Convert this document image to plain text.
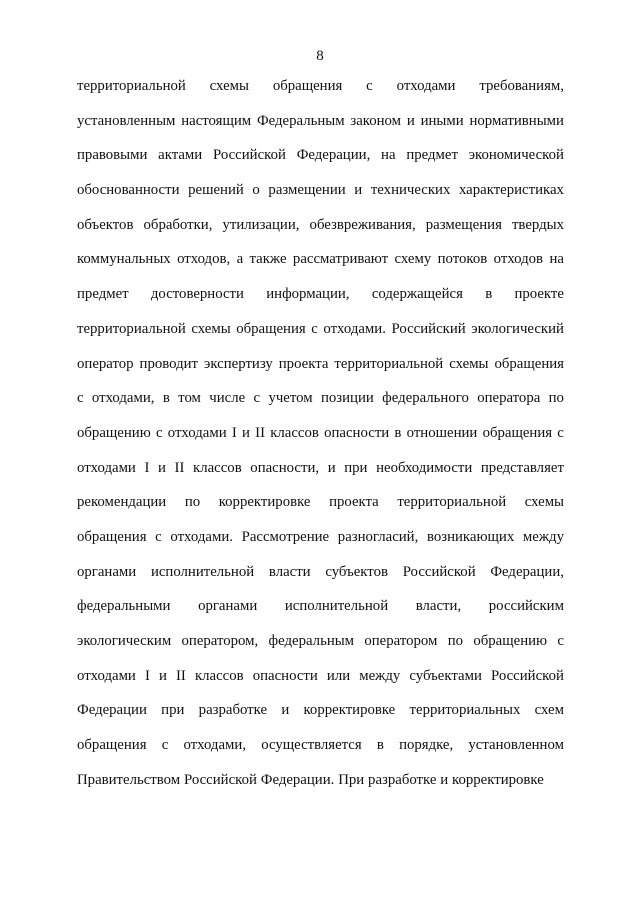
8
территориальной схемы обращения с отходами требованиям,
установленным настоящим Федеральным законом и иными нормативными
правовыми актами Российской Федерации, на предмет экономической
обоснованности решений о размещении и технических характеристиках
объектов обработки, утилизации, обезвреживания, размещения твердых
коммунальных отходов, а также рассматривают схему потоков отходов на
предмет достоверности информации, содержащейся в проекте
территориальной схемы обращения с отходами. Российский экологический
оператор проводит экспертизу проекта территориальной схемы обращения
с отходами, в том числе с учетом позиции федерального оператора по
обращению с отходами I и II классов опасности в отношении обращения с
отходами I и II классов опасности, и при необходимости представляет
рекомендации по корректировке проекта территориальной схемы
обращения с отходами. Рассмотрение разногласий, возникающих между
органами исполнительной власти субъектов Российской Федерации,
федеральными органами исполнительной власти, российским
экологическим оператором, федеральным оператором по обращению с
отходами I и II классов опасности или между субъектами Российской
Федерации при разработке и корректировке территориальных схем
обращения с отходами, осуществляется в порядке, установленном
Правительством Российской Федерации. При разработке и корректировке
